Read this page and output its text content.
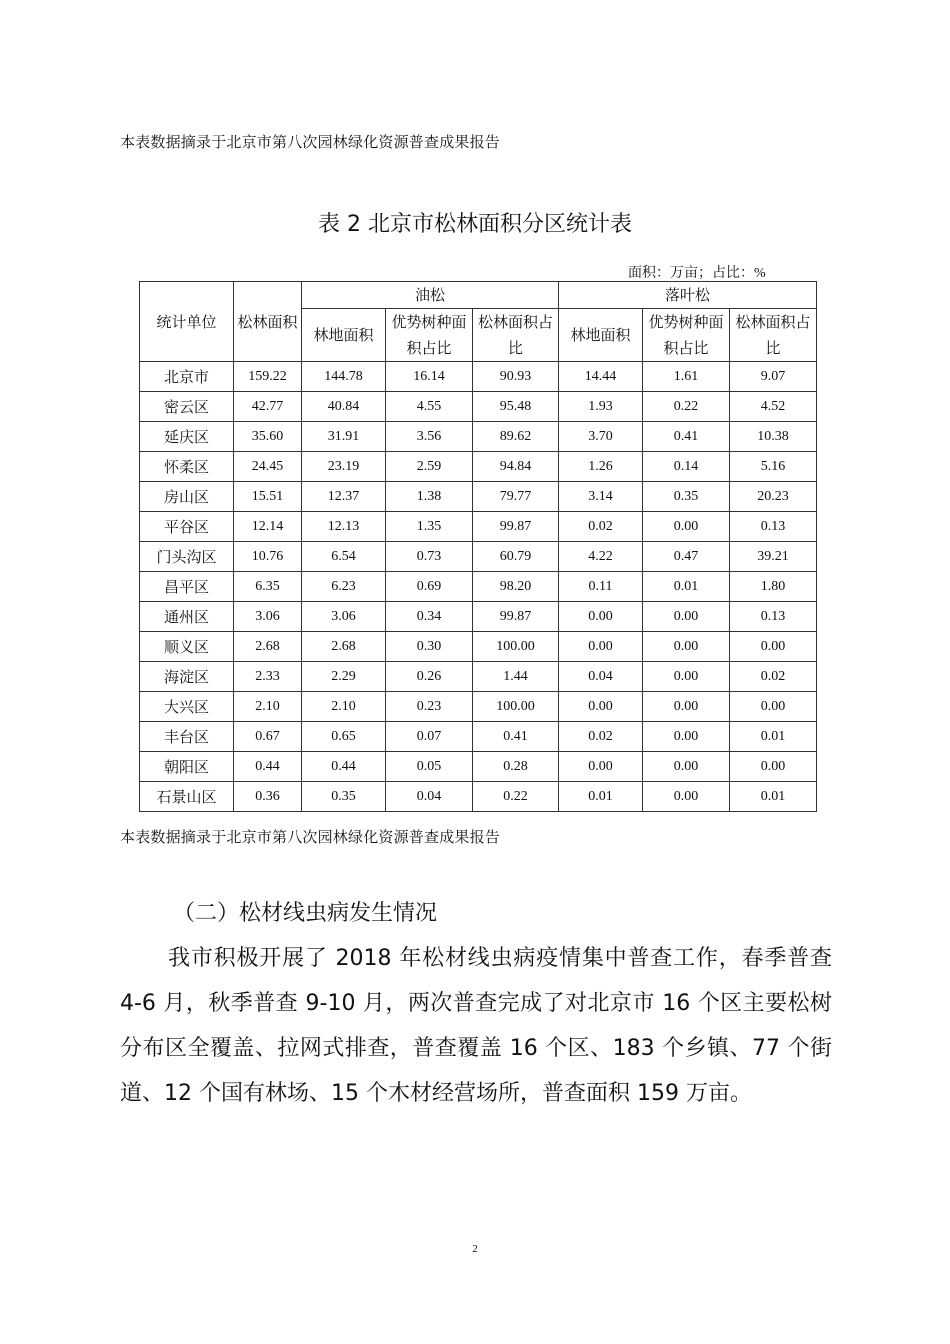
本表数据摘录于北京市第八次园林绿化资源普查成果报告
表 2 北京市松林面积分区统计表
面积：万亩；占比：%
统计单位	松林面积	油松			落叶松		
		林地面积	优势树种面积占比	松林面积占比	林地面积	优势树种面积占比	松林面积占比
北京市	159.22	144.78	16.14	90.93	14.44	1.61	9.07
密云区	42.77	40.84	4.55	95.48	1.93	0.22	4.52
延庆区	35.60	31.91	3.56	89.62	3.70	0.41	10.38
怀柔区	24.45	23.19	2.59	94.84	1.26	0.14	5.16
房山区	15.51	12.37	1.38	79.77	3.14	0.35	20.23
平谷区	12.14	12.13	1.35	99.87	0.02	0.00	0.13
门头沟区	10.76	6.54	0.73	60.79	4.22	0.47	39.21
昌平区	6.35	6.23	0.69	98.20	0.11	0.01	1.80
通州区	3.06	3.06	0.34	99.87	0.00	0.00	0.13
顺义区	2.68	2.68	0.30	100.00	0.00	0.00	0.00
海淀区	2.33	2.29	0.26	1.44	0.04	0.00	0.02
大兴区	2.10	2.10	0.23	100.00	0.00	0.00	0.00
丰台区	0.67	0.65	0.07	0.41	0.02	0.00	0.01
朝阳区	0.44	0.44	0.05	0.28	0.00	0.00	0.00
石景山区	0.36	0.35	0.04	0.22	0.01	0.00	0.01
本表数据摘录于北京市第八次园林绿化资源普查成果报告
（二）松材线虫病发生情况
我市积极开展了 2018 年松材线虫病疫情集中普查工作，春季普查 4-6 月，秋季普查 9-10 月，两次普查完成了对北京市 16 个区主要松树分布区全覆盖、拉网式排查，普查覆盖 16 个区、183 个乡镇、77 个街道、12 个国有林场、15 个木材经营场所，普查面积 159 万亩。
2
